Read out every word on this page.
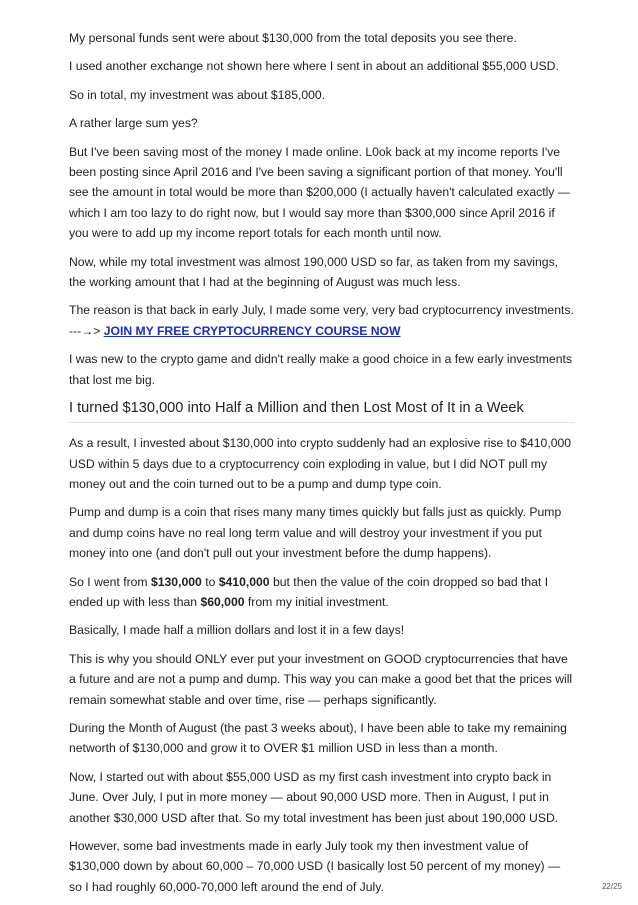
My personal funds sent were about $130,000 from the total deposits you see there.

I used another exchange not shown here where I sent in about an additional $55,000 USD.

So in total, my investment was about $185,000.

A rather large sum yes?

But I've been saving most of the money I made online. L0ok back at my income reports I've been posting since April 2016 and I've been saving a significant portion of that money. You'll see the amount in total would be more than $200,000 (I actually haven't calculated exactly — which I am too lazy to do right now, but I would say more than $300,000 since April 2016 if you were to add up my income report totals for each month until now.

Now, while my total investment was almost 190,000 USD so far, as taken from my savings, the working amount that I had at the beginning of August was much less.

The reason is that back in early July, I made some very, very bad cryptocurrency investments. ---→> JOIN MY FREE CRYPTOCURRENCY COURSE NOW

I was new to the crypto game and didn't really make a good choice in a few early investments that lost me big.

I turned $130,000 into Half a Million and then Lost Most of It in a Week

As a result, I invested about $130,000 into crypto suddenly had an explosive rise to $410,000 USD within 5 days due to a cryptocurrency coin exploding in value, but I did NOT pull my money out and the coin turned out to be a pump and dump type coin.

Pump and dump is a coin that rises many many times quickly but falls just as quickly. Pump and dump coins have no real long term value and will destroy your investment if you put money into one (and don't pull out your investment before the dump happens).

So I went from $130,000 to $410,000 but then the value of the coin dropped so bad that I ended up with less than $60,000 from my initial investment.

Basically, I made half a million dollars and lost it in a few days!

This is why you should ONLY ever put your investment on GOOD cryptocurrencies that have a future and are not a pump and dump. This way you can make a good bet that the prices will remain somewhat stable and over time, rise — perhaps significantly.

During the Month of August (the past 3 weeks about), I have been able to take my remaining networth of $130,000 and grow it to OVER $1 million USD in less than a month.

Now, I started out with about $55,000 USD as my first cash investment into crypto back in June. Over July, I put in more money — about 90,000 USD more. Then in August, I put in another $30,000 USD after that. So my total investment has been just about 190,000 USD.

However, some bad investments made in early July took my then investment value of $130,000 down by about 60,000 – 70,000 USD (I basically lost 50 percent of my money) — so I had roughly 60,000-70,000 left around the end of July.	22/25
